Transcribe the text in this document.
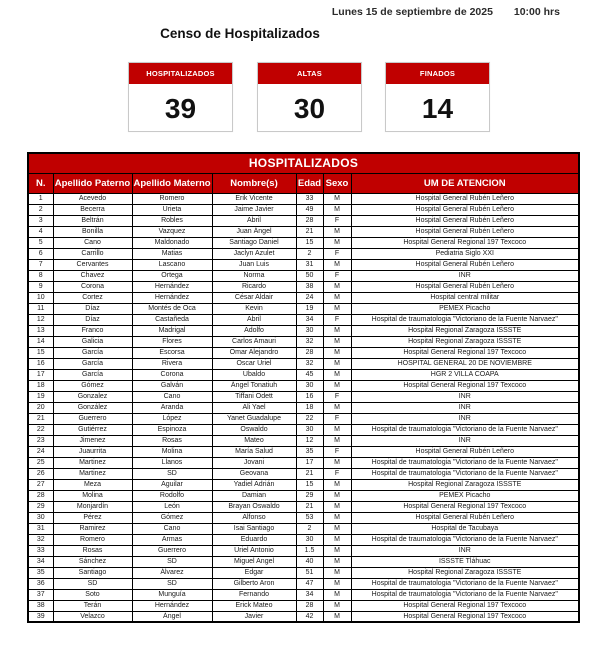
Lunes 15 de septiembre de 2025 10:00 hrs
Censo de Hospitalizados
HOSPITALIZADOS
39
ALTAS
30
FINADOS
14
HOSPITALIZADOS						
N.	Apellido Paterno	Apellido Materno	Nombre(s)	Edad	Sexo	UM DE ATENCION
1	Acevedo	Romero	Erik Vicente	33	M	Hospital General Rubén Leñero
2	Becerra	Urieta	Jaime Javier	49	M	Hospital General Rubén Leñero
3	Beltrán	Robles	Abril	28	F	Hospital General Rubén Leñero
4	Bonilla	Vazquez	Juan Ángel	21	M	Hospital General Rubén Leñero
5	Cano	Maldonado	Santiago Daniel	15	M	Hospital General Regional 197 Texcoco
6	Carrillo	Matias	Jaclyn Azulet	2	F	Pediatria Siglo XXI
7	Cervantes	Lascano	Juan Luis	31	M	Hospital General Rubén Leñero
8	Chavez	Ortega	Norma	50	F	INR
9	Corona	Hernández	Ricardo	38	M	Hospital General Rubén Leñero
10	Cortez	Hernández	César Aldair	24	M	Hospital central militar
11	Díaz	Montés de Oca	Kevin	19	M	PEMEX Picacho
12	Díaz	Castañeda	Abril	34	F	Hospital de traumatologia "Victoriano de la Fuente Narvaez"
13	Franco	Madrigal	Adolfo	30	M	Hospital Regional Zaragoza ISSSTE
14	Galicia	Flores	Carlos Amauri	32	M	Hospital Regional Zaragoza ISSSTE
15	García	Escorsa	Omar Alejandro	28	M	Hospital General Regional 197 Texcoco
16	García	Rivera	Oscar Uriel	32	M	HOSPITAL GENERAL 20 DE NOVIEMBRE
17	García	Corona	Ubaldo	45	M	HGR 2 VILLA COAPA
18	Gómez	Galván	Ángel Tonatiuh	30	M	Hospital General Regional 197 Texcoco
19	Gonzalez	Cano	Tiffani Odett	16	F	INR
20	González	Aranda	Ali Yael	18	M	INR
21	Guerrero	López	Yanet Guadalupe	22	F	INR
22	Gutiérrez	Espinoza	Oswaldo	30	M	Hospital de traumatologia "Victoriano de la Fuente Narvaez"
23	Jimenez	Rosas	Mateo	12	M	INR
24	Juaurrita	Molina	María Salud	35	F	Hospital General Rubén Leñero
25	Martinez	Llanos	Jovani	17	M	Hospital de traumatologia "Victoriano de la Fuente Narvaez"
26	Martinez	SD	Geovana	21	F	Hospital de traumatologia "Victoriano de la Fuente Narvaez"
27	Meza	Aguilar	Yadiel Adrián	15	M	Hospital Regional Zaragoza ISSSTE
28	Molina	Rodolfo	Damian	29	M	PEMEX Picacho
29	Monjardín	León	Brayan Oswaldo	21	M	Hospital General Regional 197 Texcoco
30	Pérez	Gómez	Alfonso	53	M	Hospital General Rubén Leñero
31	Ramirez	Cano	Isai Santiago	2	M	Hospital de Tacubaya
32	Romero	Armas	Eduardo	30	M	Hospital de traumatologia "Victoriano de la Fuente Narvaez"
33	Rosas	Guerrero	Uriel Antonio	1.5	M	INR
34	Sánchez	SD	Miguel Angel	40	M	ISSSTE Tláhuac
35	Santiago	Álvarez	Edgar	51	M	Hospital Regional Zaragoza ISSSTE
36	SD	SD	Gilberto Aron	47	M	Hospital de traumatologia "Victoriano de la Fuente Narvaez"
37	Soto	Munguía	Fernando	34	M	Hospital de traumatologia "Victoriano de la Fuente Narvaez"
38	Terán	Hernández	Erick Mateo	28	M	Hospital General Regional 197 Texcoco
39	Velazco	Ángel	Javier	42	M	Hospital General Regional 197 Texcoco
